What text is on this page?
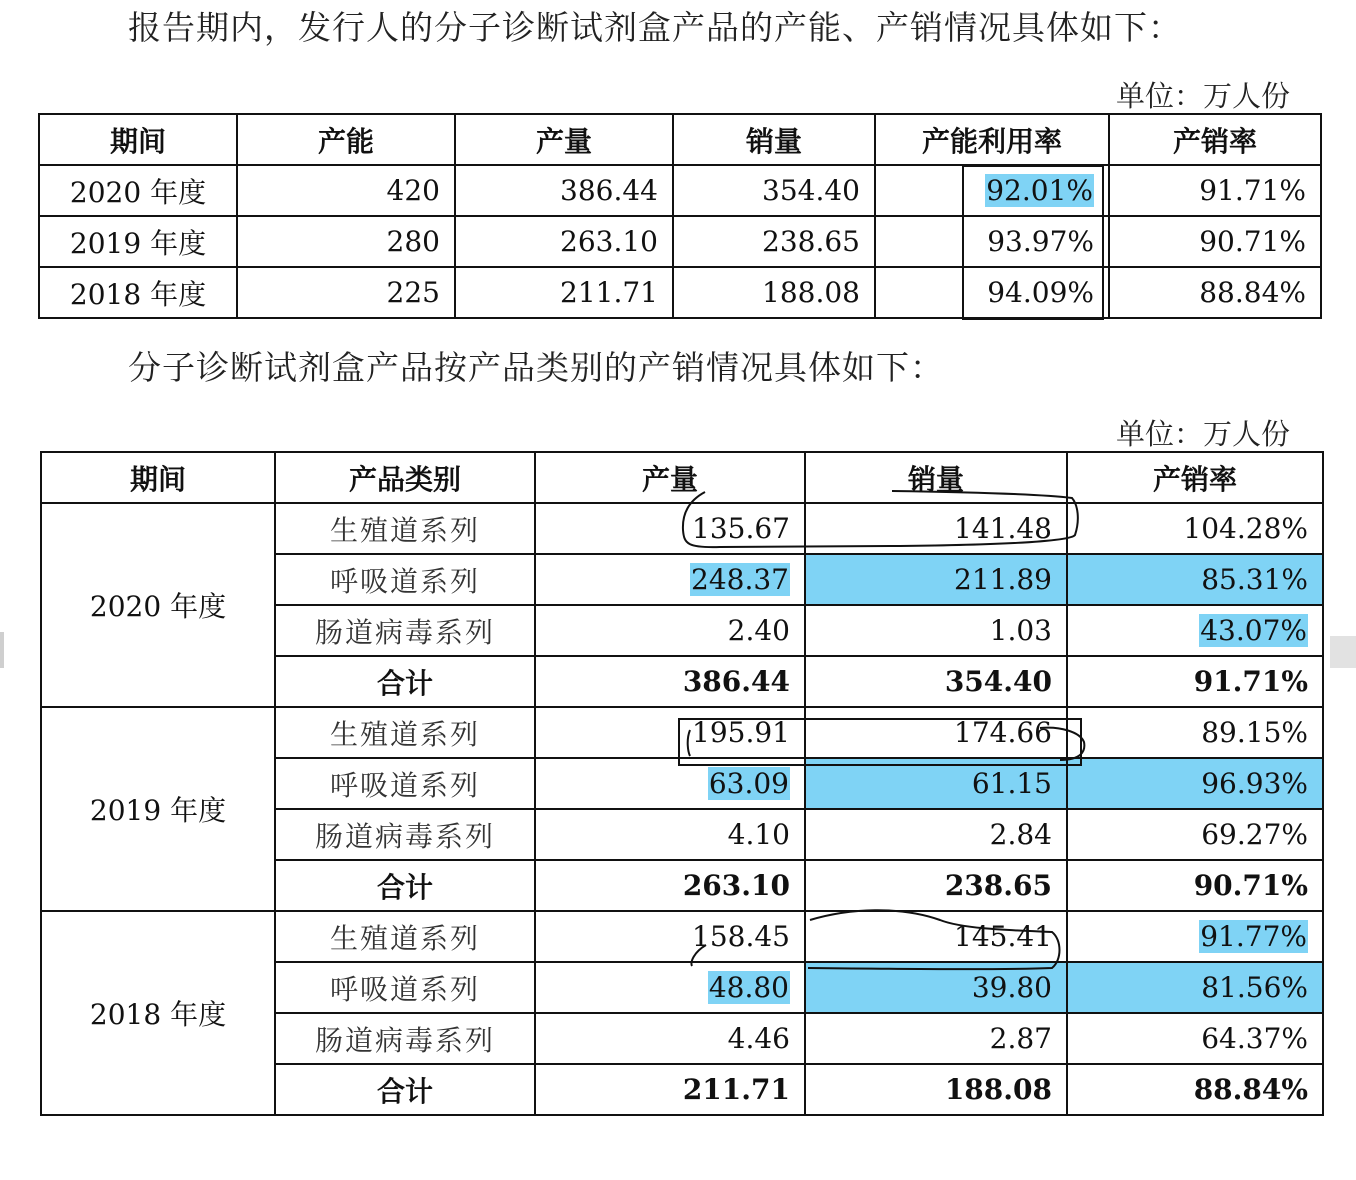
报告期内，发行人的分子诊断试剂盒产品的产能、产销情况具体如下：
单位：万人份
期间	产能	产量	销量	产能利用率	产销率
2020 年度	420	386.44	354.40	92.01%	91.71%
2019 年度	280	263.10	238.65	93.97%	90.71%
2018 年度	225	211.71	188.08	94.09%	88.84%
分子诊断试剂盒产品按产品类别的产销情况具体如下：
单位：万人份
期间	产品类别	产量	销量	产销率
2020 年度	生殖道系列	135.67	141.48	104.28%
	呼吸道系列	248.37	211.89	85.31%
	肠道病毒系列	2.40	1.03	43.07%
	合计	386.44	354.40	91.71%
2019 年度	生殖道系列	195.91	174.66	89.15%
	呼吸道系列	63.09	61.15	96.93%
	肠道病毒系列	4.10	2.84	69.27%
	合计	263.10	238.65	90.71%
2018 年度	生殖道系列	158.45	145.41	91.77%
	呼吸道系列	48.80	39.80	81.56%
	肠道病毒系列	4.46	2.87	64.37%
	合计	211.71	188.08	88.84%
